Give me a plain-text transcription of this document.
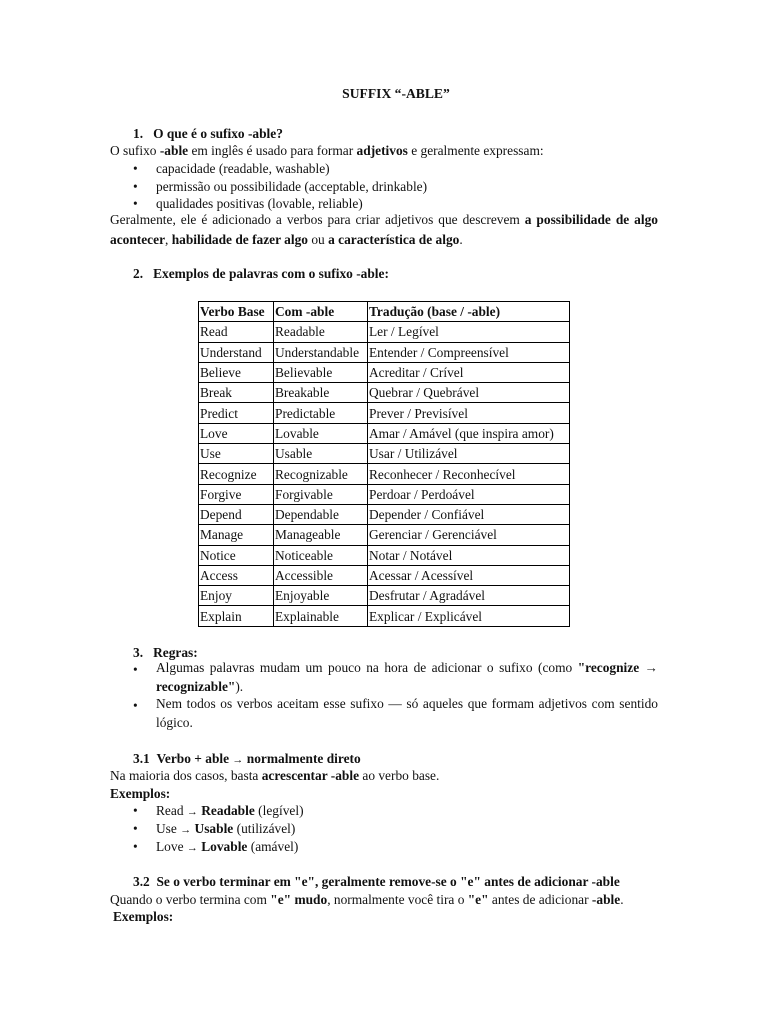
SUFFIX “-ABLE”
1. O que é o sufixo -able?
O sufixo -able em inglês é usado para formar adjetivos e geralmente expressam:
• capacidade (readable, washable)
• permissão ou possibilidade (acceptable, drinkable)
• qualidades positivas (lovable, reliable)
Geralmente, ele é adicionado a verbos para criar adjetivos que descrevem a possibilidade de algo acontecer, habilidade de fazer algo ou a característica de algo.
2. Exemplos de palavras com o sufixo -able:
Verbo Base	Com -able	Tradução (base / -able)
Read	Readable	Ler / Legível
Understand	Understandable	Entender / Compreensível
Believe	Believable	Acreditar / Crível
Break	Breakable	Quebrar / Quebrável
Predict	Predictable	Prever / Previsível
Love	Lovable	Amar / Amável (que inspira amor)
Use	Usable	Usar / Utilizável
Recognize	Recognizable	Reconhecer / Reconhecível
Forgive	Forgivable	Perdoar / Perdoável
Depend	Dependable	Depender / Confiável
Manage	Manageable	Gerenciar / Gerenciável
Notice	Noticeable	Notar / Notável
Access	Accessible	Acessar / Acessível
Enjoy	Enjoyable	Desfrutar / Agradável
Explain	Explainable	Explicar / Explicável
3. Regras:
• Algumas palavras mudam um pouco na hora de adicionar o sufixo (como "recognize → recognizable").
• Nem todos os verbos aceitam esse sufixo — só aqueles que formam adjetivos com sentido lógico.
3.1 Verbo + able → normalmente direto
Na maioria dos casos, basta acrescentar -able ao verbo base.
Exemplos:
• Read → Readable (legível)
• Use → Usable (utilizável)
• Love → Lovable (amável)
3.2 Se o verbo terminar em "e", geralmente remove-se o "e" antes de adicionar -able
Quando o verbo termina com "e" mudo, normalmente você tira o "e" antes de adicionar -able.
Exemplos:
